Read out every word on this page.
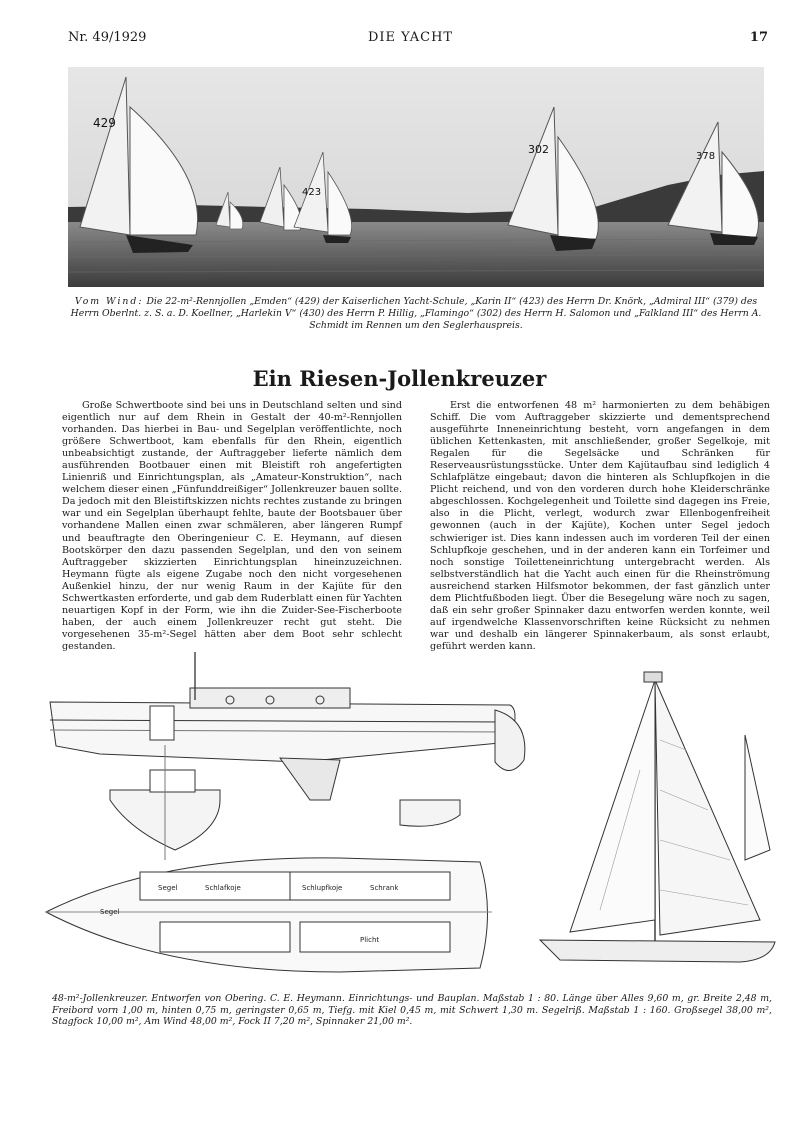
Nr. 49/1929	DIE YACHT	17
429
423
302
378
Vom Wind: Die 22-m²-Rennjollen „Emden“ (429) der Kaiserlichen Yacht-Schule, „Karin II“ (423) des Herrn Dr. Knörk, „Admiral III“ (379) des Herrn Oberlnt. z. S. a. D. Koellner, „Harlekin V“ (430) des Herrn P. Hillig, „Flamingo“ (302) des Herrn H. Salomon und „Falkland III“ des Herrn A. Schmidt im Rennen um den Seglerhauspreis.
Ein Riesen-Jollenkreuzer

Große Schwertboote sind bei uns in Deutschland selten und sind eigentlich nur auf dem Rhein in Gestalt der 40-m²-Rennjollen vorhanden. Das hierbei in Bau- und Segelplan veröffentlichte, noch größere Schwertboot, kam ebenfalls für den Rhein, eigentlich unbeabsichtigt zustande, der Auftraggeber lieferte nämlich dem ausführenden Bootbauer einen mit Bleistift roh angefertigten Linienriß und Einrichtungsplan, als „Amateur-Konstruktion“, nach welchem dieser einen „Fünfunddreißiger“ Jollenkreuzer bauen sollte. Da jedoch mit den Bleistiftskizzen nichts rechtes zustande zu bringen war und ein Segelplan überhaupt fehlte, baute der Bootsbauer über vorhandene Mallen einen zwar schmäleren, aber längeren Rumpf und beauftragte den Oberingenieur C. E. Heymann, auf diesen Bootskörper den dazu passenden Segelplan, und den von seinem Auftraggeber skizzierten Einrichtungsplan hineinzuzeichnen. Heymann fügte als eigene Zugabe noch den nicht vorgesehenen Außenkiel hinzu, der nur wenig Raum in der Kajüte für den Schwertkasten erforderte, und gab dem Ruderblatt einen für Yachten neuartigen Kopf in der Form, wie ihn die Zuider-See-Fischerboote haben, der auch einem Jollenkreuzer recht gut steht. Die vorgesehenen 35-m²-Segel hätten aber dem Boot sehr schlecht gestanden.

Erst die entworfenen 48 m² harmonierten zu dem behäbigen Schiff. Die vom Auftraggeber skizzierte und dementsprechend ausgeführte Inneneinrichtung besteht, vorn angefangen in dem üblichen Kettenkasten, mit anschließender, großer Segelkoje, mit Regalen für die Segelsäcke und Schränken für Reserveausrüstungsstücke. Unter dem Kajütaufbau sind lediglich 4 Schlafplätze eingebaut; davon die hinteren als Schlupfkojen in die Plicht reichend, und von den vorderen durch hohe Kleiderschränke abgeschlossen. Kochgelegenheit und Toilette sind dagegen ins Freie, also in die Plicht, verlegt, wodurch zwar Ellenbogenfreiheit gewonnen (auch in der Kajüte), Kochen unter Segel jedoch schwieriger ist. Dies kann indessen auch im vorderen Teil der einen Schlupfkoje geschehen, und in der anderen kann ein Torfeimer und noch sonstige Toiletteneinrichtung untergebracht werden. Als selbstverständlich hat die Yacht auch einen für die Rheinströmung ausreichend starken Hilfsmotor bekommen, der fast gänzlich unter dem Plichtfußboden liegt. Über die Besegelung wäre noch zu sagen, daß ein sehr großer Spinnaker dazu entworfen werden konnte, weil auf irgendwelche Klassenvorschriften keine Rücksicht zu nehmen war und deshalb ein längerer Spinnakerbaum, als sonst erlaubt, geführt werden kann.

Segel	Schlafkoje	Schlupfkoje	Schrank
Plicht
Segel
48-m²-Jollenkreuzer. Entworfen von Obering. C. E. Heymann. Einrichtungs- und Bauplan. Maßstab 1 : 80. Länge über Alles 9,60 m, gr. Breite 2,48 m, Freibord vorn 1,00 m, hinten 0,75 m, geringster 0,65 m, Tiefg. mit Kiel 0,45 m, mit Schwert 1,30 m. Segelriß. Maßstab 1 : 160. Großsegel 38,00 m², Stagfock 10,00 m², Am Wind 48,00 m², Fock II 7,20 m², Spinnaker 21,00 m².
